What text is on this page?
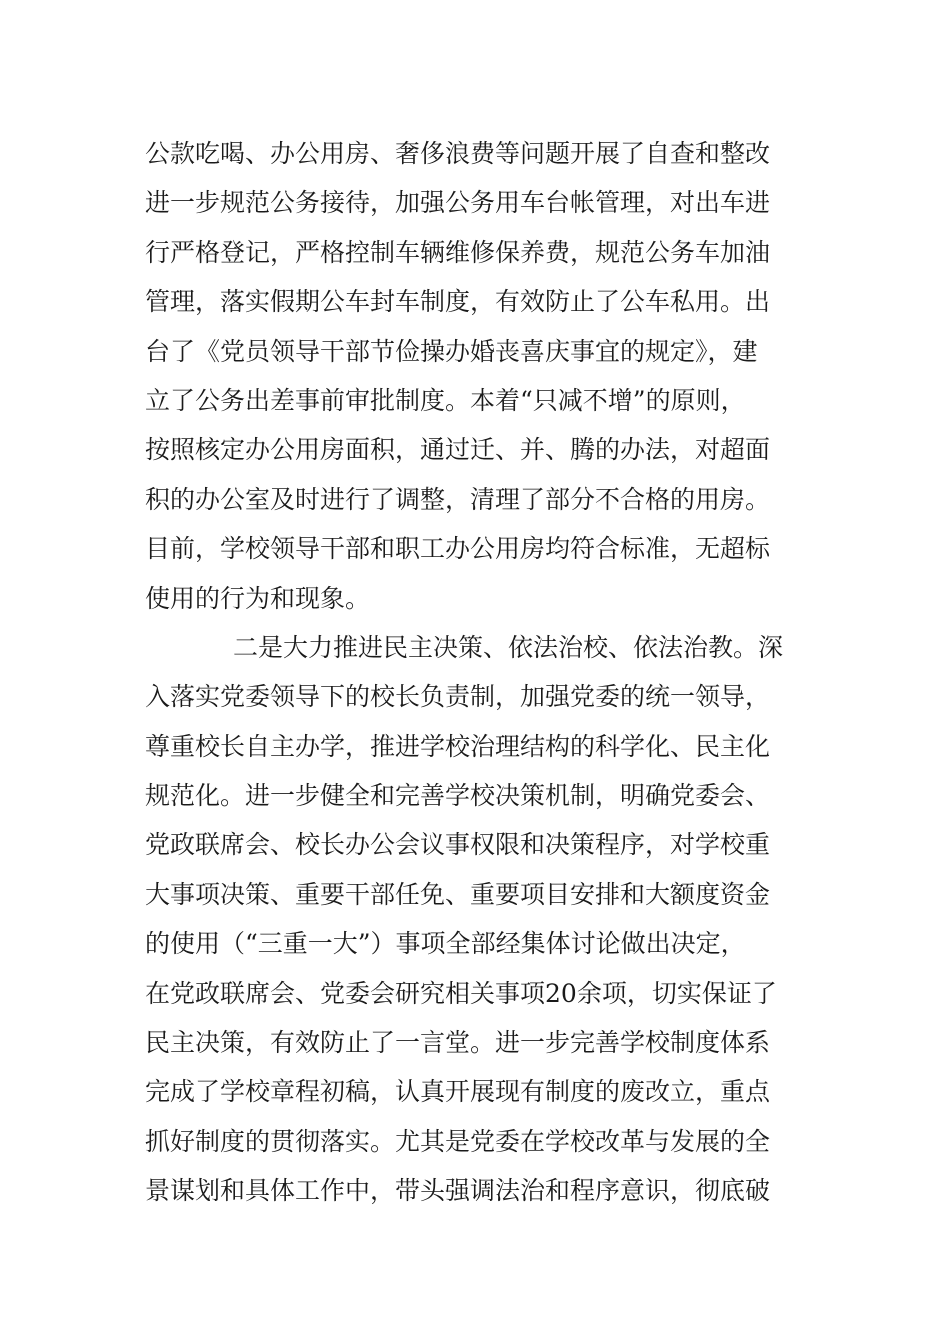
公款吃喝、办公用房、奢侈浪费等问题开展了自查和整改
进一步规范公务接待，加强公务用车台帐管理，对出车进
行严格登记，严格控制车辆维修保养费，规范公务车加油
管理，落实假期公车封车制度，有效防止了公车私用。出
台了《党员领导干部节俭操办婚丧喜庆事宜的规定》，建
立了公务出差事前审批制度。本着“只减不增”的原则，
按照核定办公用房面积，通过迁、并、腾的办法，对超面
积的办公室及时进行了调整，清理了部分不合格的用房。
目前，学校领导干部和职工办公用房均符合标准，无超标
使用的行为和现象。
二是大力推进民主决策、依法治校、依法治教。深
入落实党委领导下的校长负责制，加强党委的统一领导，
尊重校长自主办学，推进学校治理结构的科学化、民主化
规范化。进一步健全和完善学校决策机制，明确党委会、
党政联席会、校长办公会议事权限和决策程序，对学校重
大事项决策、重要干部任免、重要项目安排和大额度资金
的使用（“三重一大”）事项全部经集体讨论做出决定，
在党政联席会、党委会研究相关事项20余项，切实保证了
民主决策，有效防止了一言堂。进一步完善学校制度体系
完成了学校章程初稿，认真开展现有制度的废改立，重点
抓好制度的贯彻落实。尤其是党委在学校改革与发展的全
景谋划和具体工作中，带头强调法治和程序意识，彻底破
